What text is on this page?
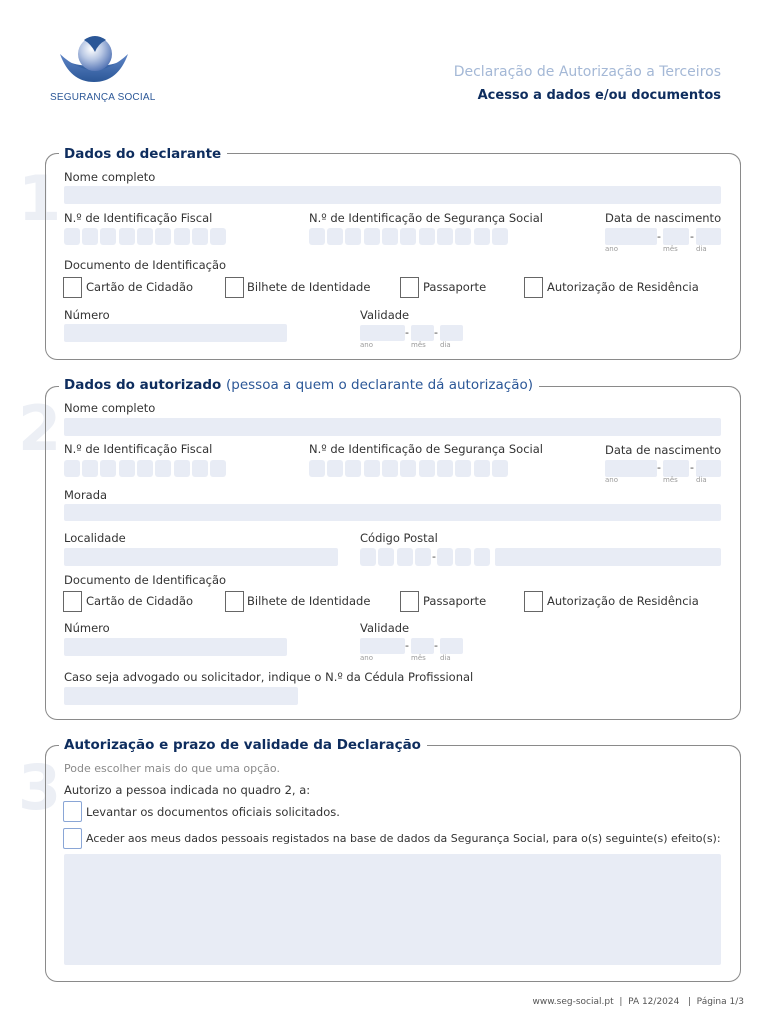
SEGURANÇA SOCIAL
Declaração de Autorização a Terceiros
Acesso a dados e/ou documentos
1
Dados do declarante
Nome completo
N.º de Identificação Fiscal	N.º de Identificação de Segurança Social	Data de nascimento
-	-
ano	mês	dia
Documento de Identificação
Cartão de Cidadão	Bilhete de Identidade	Passaporte	Autorização de Residência
Número	Validade
- -
ano	mês dia
2
Dados do autorizado (pessoa a quem o declarante dá autorização)
Nome completo
N.º de Identificação Fiscal	N.º de Identificação de Segurança Social	Data de nascimento
-	-
ano	mês	dia
Morada
Localidade	Código Postal
-
Documento de Identificação
Cartão de Cidadão	Bilhete de Identidade	Passaporte	Autorização de Residência
Número	Validade
- -
ano	mês dia
Caso seja advogado ou solicitador, indique o N.º da Cédula Profissional
3
Autorização e prazo de validade da Declaração
Pode escolher mais do que uma opção.
Autorizo a pessoa indicada no quadro 2, a:
Levantar os documentos oficiais solicitados.
Aceder aos meus dados pessoais registados na base de dados da Segurança Social, para o(s) seguinte(s) efeito(s):
www.seg-social.pt  |  PA 12/2024   |  Página 1/3
